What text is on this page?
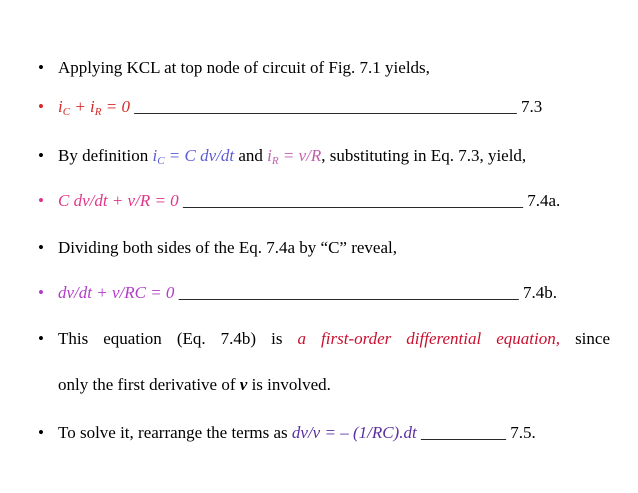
• Applying KCL at top node of circuit of Fig. 7.1 yields,
• $i_C + i_R = 0$ _____________________________________________ 7.3
• By definition $i_C = C$ dv/dt and $i_R = v/R$, substituting in Eq. 7.3, yield,
• C dv/dt + v/R = 0 ________________________________________ 7.4a.
• Dividing both sides of the Eq. 7.4a by “C” reveal,
• dv/dt + v/RC = 0 ________________________________________ 7.4b.
• This equation (Eq. 7.4b) is a first-order differential equation, since
only the first derivative of v is involved.
• To solve it, rearrange the terms as dv/v = – (1/RC).dt __________ 7.5.
